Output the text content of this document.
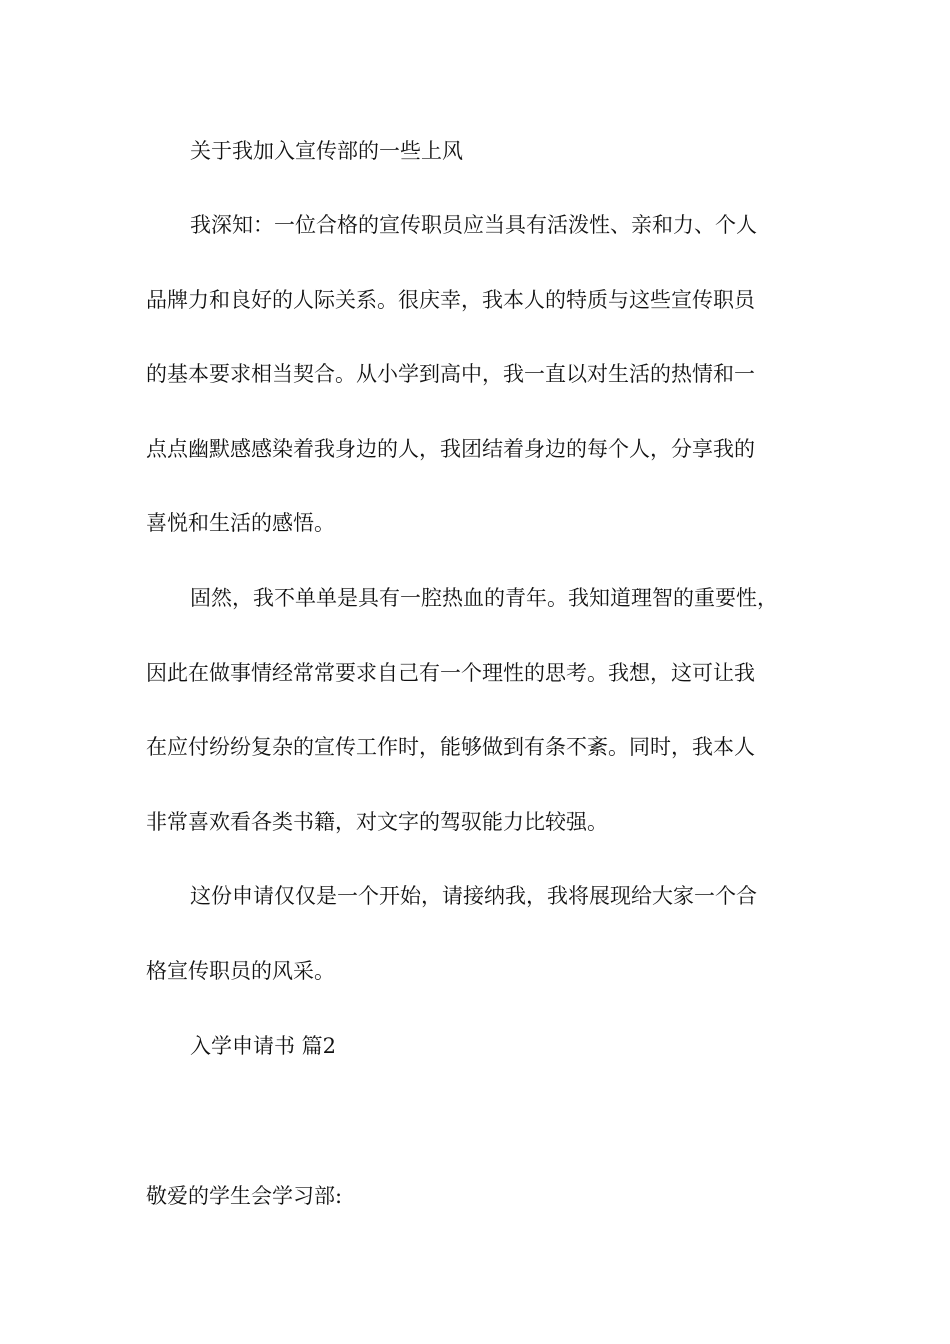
关于我加入宣传部的一些上风
我深知：一位合格的宣传职员应当具有活泼性、亲和力、个人
品牌力和良好的人际关系。很庆幸，我本人的特质与这些宣传职员
的基本要求相当契合。从小学到高中，我一直以对生活的热情和一
点点幽默感感染着我身边的人，我团结着身边的每个人，分享我的
喜悦和生活的感悟。
固然，我不单单是具有一腔热血的青年。我知道理智的重要性，
因此在做事情经常常要求自己有一个理性的思考。我想，这可让我
在应付纷纷复杂的宣传工作时，能够做到有条不紊。同时，我本人
非常喜欢看各类书籍，对文字的驾驭能力比较强。
这份申请仅仅是一个开始，请接纳我，我将展现给大家一个合
格宣传职员的风采。
入学申请书 篇2
敬爱的学生会学习部:
